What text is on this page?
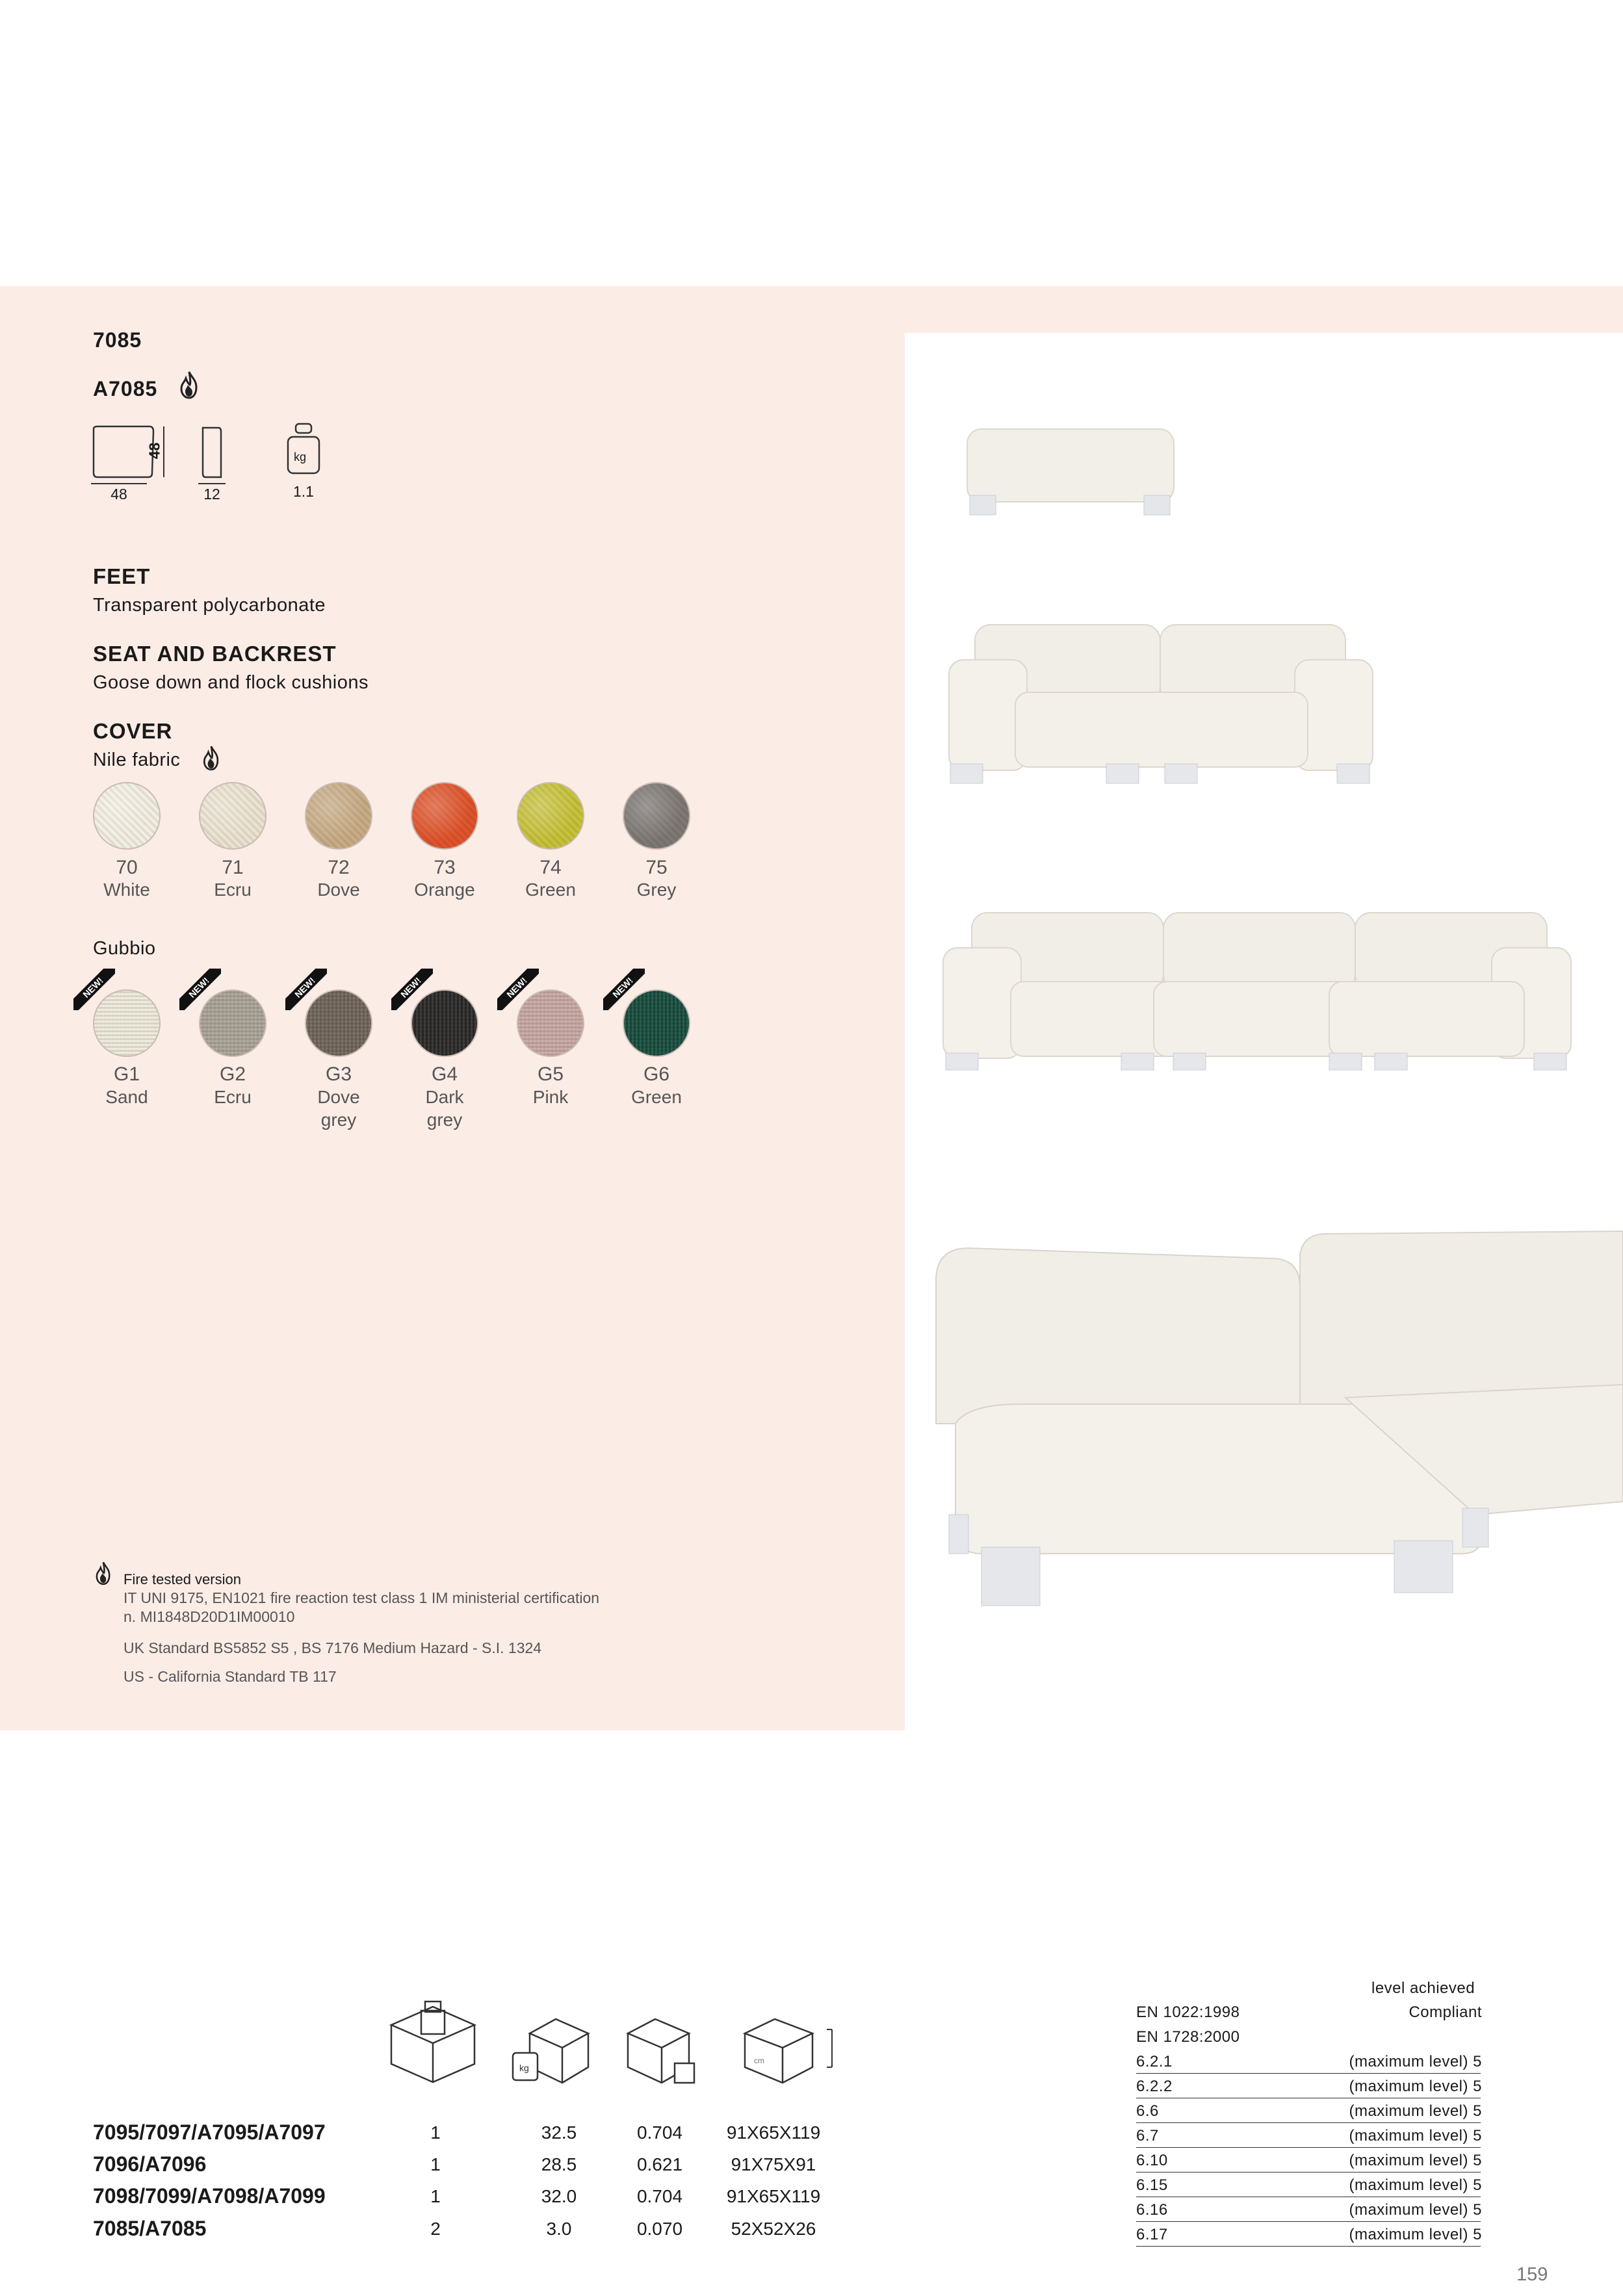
7085
A7085
48
48	12
kg
1.1
FEET
Transparent polycarbonate
SEAT AND BACKREST
Goose down and flock cushions
COVER
Nile fabric
70
White
71
Ecru
72
Dove
73
Orange
74
Green
75
Grey
Gubbio
NEW!
G1
Sand
NEW!
G2
Ecru
NEW!
G3
Dove
grey
NEW!
G4
Dark
grey
NEW!
G5
Pink
NEW!
G6
Green
Fire tested version
IT UNI 9175, EN1021 fire reaction test class 1 IM ministerial certification
n. MI1848D20D1IM00010
UK Standard BS5852 S5 , BS 7176 Medium Hazard - S.I. 1324
US - California Standard TB 117
kg
cm
7095/7097/A7095/A7097	1	32.5	0.704	91X65X119
7096/A7096	1	28.5	0.621	91X75X91
7098/7099/A7098/A7099	1	32.0	0.704	91X65X119
7085/A7085	2	3.0	0.070	52X52X26
level achieved
EN 1022:1998	Compliant
EN 1728:2000
6.2.1	(maximum level) 5
6.2.2	(maximum level) 5
6.6	(maximum level) 5
6.7	(maximum level) 5
6.10	(maximum level) 5
6.15	(maximum level) 5
6.16	(maximum level) 5
6.17	(maximum level) 5
159
